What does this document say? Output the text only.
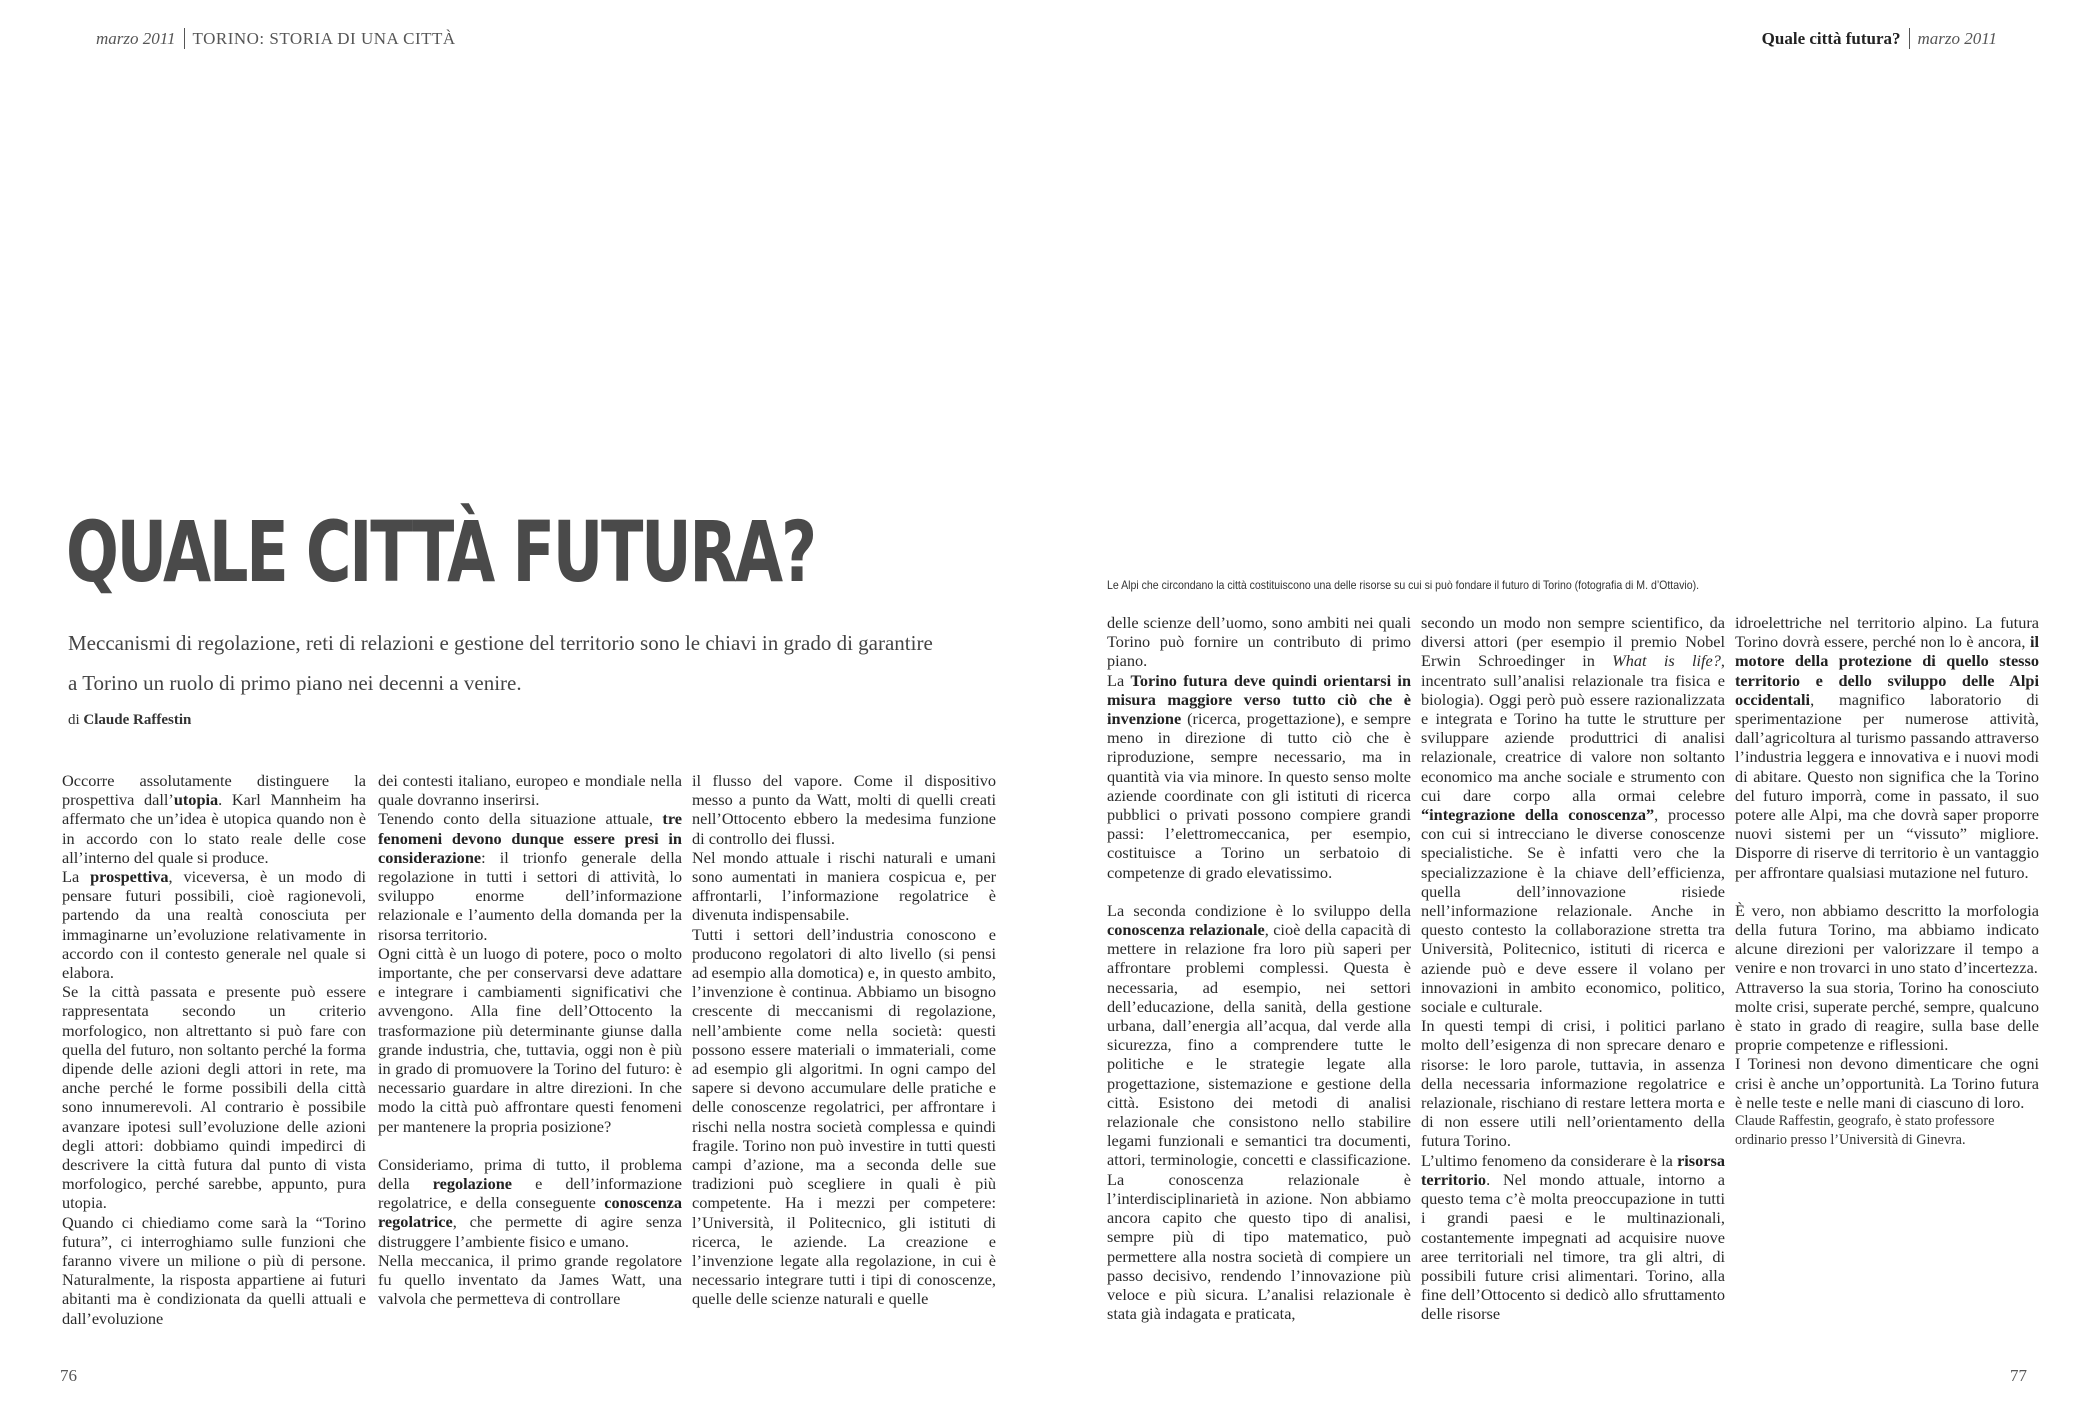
marzo 2011 TORINO: STORIA DI UNA CITTÀ	Quale città futura? marzo 2011
QUALE CITTÀ FUTURA?
Meccanismi di regolazione, reti di relazioni e gestione del territorio sono le chiavi in grado di garantire
a Torino un ruolo di primo piano nei decenni a venire.
di Claude Raffestin
Le Alpi che circondano la città costituiscono una delle risorse su cui si può fondare il futuro di Torino (fotografia di M. d’Ottavio).

Occorre assolutamente distinguere la prospettiva dall’utopia. Karl Mannheim ha affermato che un’idea è utopica quando non è in accordo con lo stato reale delle cose all’interno del quale si produce.

La prospettiva, viceversa, è un modo di pensare futuri possibili, cioè ragionevoli, partendo da una realtà conosciuta per immaginarne un’evoluzione relativamente in accordo con il contesto generale nel quale si elabora.

Se la città passata e presente può essere rappresentata secondo un criterio morfologico, non altrettanto si può fare con quella del futuro, non soltanto perché la forma dipende delle azioni degli attori in rete, ma anche perché le forme possibili della città sono innumerevoli. Al contrario è possibile avanzare ipotesi sull’evoluzione delle azioni degli attori: dobbiamo quindi impedirci di descrivere la città futura dal punto di vista morfologico, perché sarebbe, appunto, pura utopia.

Quando ci chiediamo come sarà la “Torino futura”, ci interroghiamo sulle funzioni che faranno vivere un milione o più di persone. Naturalmente, la risposta appartiene ai futuri abitanti ma è condizionata da quelli attuali e dall’evoluzione

dei contesti italiano, europeo e mondiale nella quale dovranno inserirsi.

Tenendo conto della situazione attuale, tre fenomeni devono dunque essere presi in considerazione: il trionfo generale della regolazione in tutti i settori di attività, lo sviluppo enorme dell’informazione relazionale e l’aumento della domanda per la risorsa territorio.

Ogni città è un luogo di potere, poco o molto importante, che per conservarsi deve adattare e integrare i cambiamenti significativi che avvengono. Alla fine dell’Ottocento la trasformazione più determinante giunse dalla grande industria, che, tuttavia, oggi non è più in grado di promuovere la Torino del futuro: è necessario guardare in altre direzioni. In che modo la città può affrontare questi fenomeni per mantenere la propria posizione?

Consideriamo, prima di tutto, il problema della regolazione e dell’informazione regolatrice, e della conseguente conoscenza regolatrice, che permette di agire senza distruggere l’ambiente fisico e umano.

Nella meccanica, il primo grande regolatore fu quello inventato da James Watt, una valvola che permetteva di controllare

il flusso del vapore. Come il dispositivo messo a punto da Watt, molti di quelli creati nell’Ottocento ebbero la medesima funzione di controllo dei flussi.

Nel mondo attuale i rischi naturali e umani sono aumentati in maniera cospicua e, per affrontarli, l’informazione regolatrice è divenuta indispensabile.

Tutti i settori dell’industria conoscono e producono regolatori di alto livello (si pensi ad esempio alla domotica) e, in questo ambito, l’invenzione è continua. Abbiamo un bisogno crescente di meccanismi di regolazione, nell’ambiente come nella società: questi possono essere materiali o immateriali, come ad esempio gli algoritmi. In ogni campo del sapere si devono accumulare delle pratiche e delle conoscenze regolatrici, per affrontare i rischi nella nostra società complessa e quindi fragile. Torino non può investire in tutti questi campi d’azione, ma a seconda delle sue tradizioni può scegliere in quali è più competente. Ha i mezzi per competere: l’Università, il Politecnico, gli istituti di ricerca, le aziende. La creazione e l’invenzione legate alla regolazione, in cui è necessario integrare tutti i tipi di conoscenze, quelle delle scienze naturali e quelle

delle scienze dell’uomo, sono ambiti nei quali Torino può fornire un contributo di primo piano.

La Torino futura deve quindi orientarsi in misura maggiore verso tutto ciò che è invenzione (ricerca, progettazione), e sempre meno in direzione di tutto ciò che è riproduzione, sempre necessario, ma in quantità via via minore. In questo senso molte aziende coordinate con gli istituti di ricerca pubblici o privati possono compiere grandi passi: l’elettromeccanica, per esempio, costituisce a Torino un serbatoio di competenze di grado elevatissimo.

La seconda condizione è lo sviluppo della conoscenza relazionale, cioè della capacità di mettere in relazione fra loro più saperi per affrontare problemi complessi. Questa è necessaria, ad esempio, nei settori dell’educazione, della sanità, della gestione urbana, dall’energia all’acqua, dal verde alla sicurezza, fino a comprendere tutte le politiche e le strategie legate alla progettazione, sistemazione e gestione della città. Esistono dei metodi di analisi relazionale che consistono nello stabilire legami funzionali e semantici tra documenti, attori, terminologie, concetti e classificazione. La conoscenza relazionale è l’interdisciplinarietà in azione. Non abbiamo ancora capito che questo tipo di analisi, sempre più di tipo matematico, può permettere alla nostra società di compiere un passo decisivo, rendendo l’innovazione più veloce e più sicura. L’analisi relazionale è stata già indagata e praticata,

secondo un modo non sempre scientifico, da diversi attori (per esempio il premio Nobel Erwin Schroedinger in What is life?, incentrato sull’analisi relazionale tra fisica e biologia). Oggi però può essere razionalizzata e integrata e Torino ha tutte le strutture per sviluppare aziende produttrici di analisi relazionale, creatrice di valore non soltanto economico ma anche sociale e strumento con cui dare corpo alla ormai celebre “integrazione della conoscenza”, processo con cui si intrecciano le diverse conoscenze specialistiche. Se è infatti vero che la specializzazione è la chiave dell’efficienza, quella dell’innovazione risiede nell’informazione relazionale. Anche in questo contesto la collaborazione stretta tra Università, Politecnico, istituti di ricerca e aziende può e deve essere il volano per innovazioni in ambito economico, politico, sociale e culturale.

In questi tempi di crisi, i politici parlano molto dell’esigenza di non sprecare denaro e risorse: le loro parole, tuttavia, in assenza della necessaria informazione regolatrice e relazionale, rischiano di restare lettera morta e di non essere utili nell’orientamento della futura Torino.

L’ultimo fenomeno da considerare è la risorsa territorio. Nel mondo attuale, intorno a questo tema c’è molta preoccupazione in tutti i grandi paesi e le multinazionali, costantemente impegnati ad acquisire nuove aree territoriali nel timore, tra gli altri, di possibili future crisi alimentari. Torino, alla fine dell’Ottocento si dedicò allo sfruttamento delle risorse

idroelettriche nel territorio alpino. La futura Torino dovrà essere, perché non lo è ancora, il motore della protezione di quello stesso territorio e dello sviluppo delle Alpi occidentali, magnifico laboratorio di sperimentazione per numerose attività, dall’agricoltura al turismo passando attraverso l’industria leggera e innovativa e i nuovi modi di abitare. Questo non significa che la Torino del futuro imporrà, come in passato, il suo potere alle Alpi, ma che dovrà saper proporre nuovi sistemi per un “vissuto” migliore. Disporre di riserve di territorio è un vantaggio per affrontare qualsiasi mutazione nel futuro.

È vero, non abbiamo descritto la morfologia della futura Torino, ma abbiamo indicato alcune direzioni per valorizzare il tempo a venire e non trovarci in uno stato d’incertezza.

Attraverso la sua storia, Torino ha conosciuto molte crisi, superate perché, sempre, qualcuno è stato in grado di reagire, sulla base delle proprie competenze e riflessioni.

I Torinesi non devono dimenticare che ogni crisi è anche un’opportunità. La Torino futura è nelle teste e nelle mani di ciascuno di loro.

Claude Raffestin, geografo, è stato professore ordinario presso l’Università di Ginevra.

76	77
